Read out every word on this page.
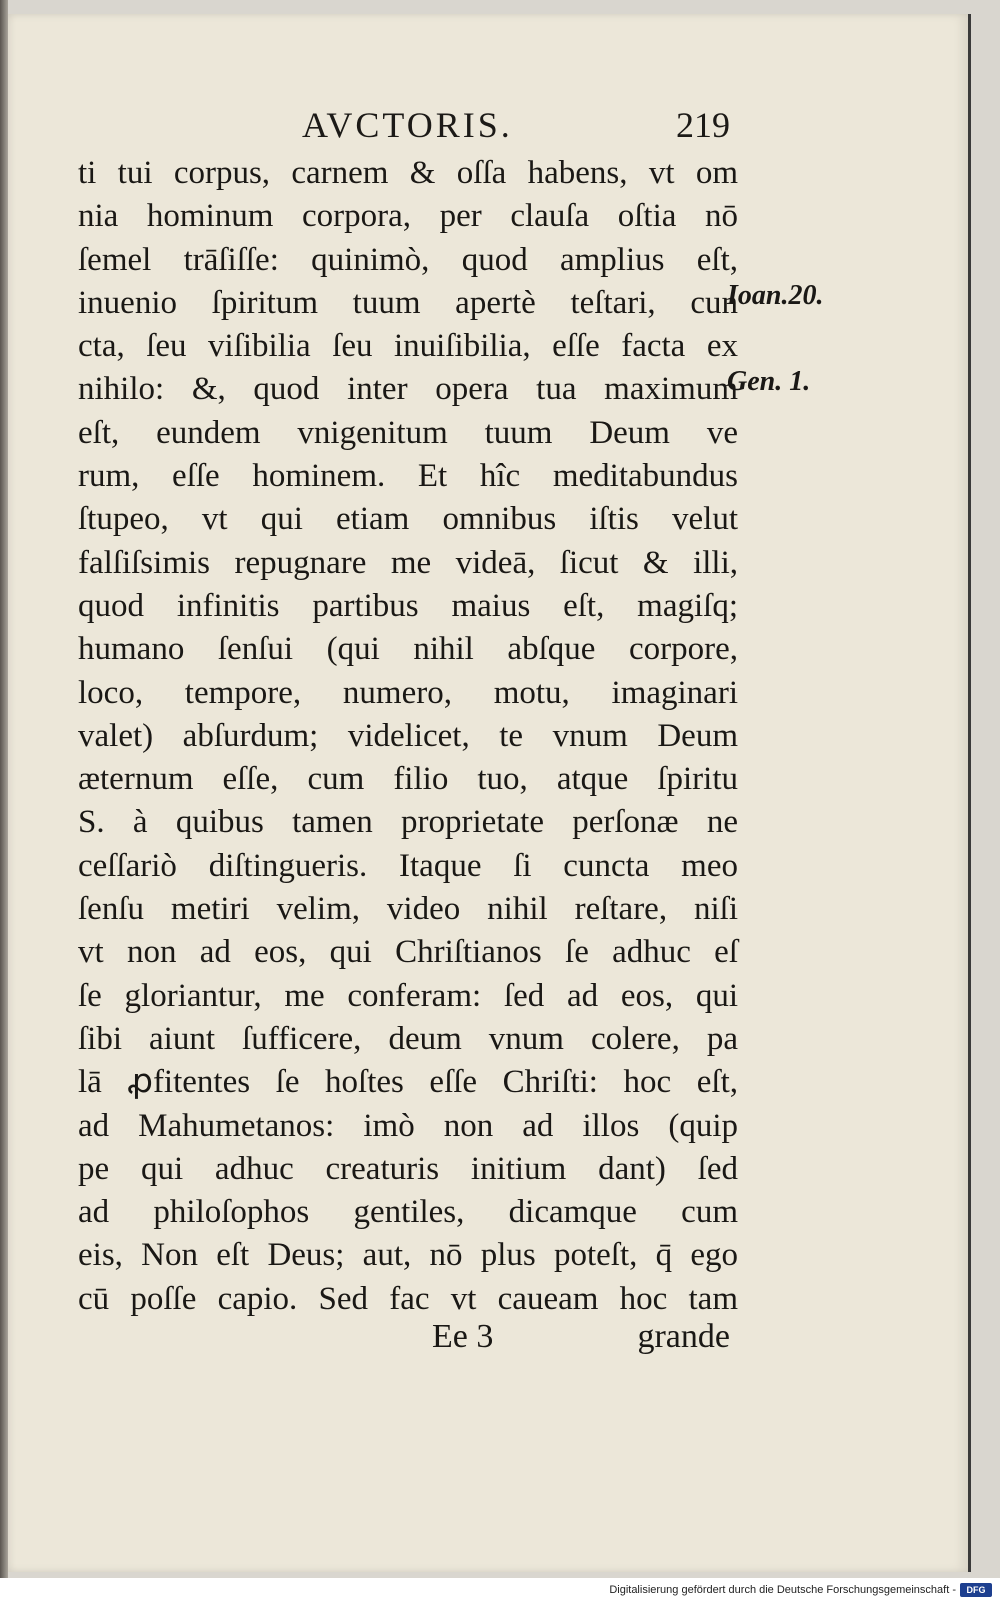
AVCTORIS.	219
ti tui corpus, carnem & oſſa habens, vt om
nia hominum corpora, per clauſa oſtia nō
ſemel trāſiſſe: quinimò, quod amplius eſt,
inuenio ſpiritum tuum apertè teſtari, cun
cta, ſeu viſibilia ſeu inuiſibilia, eſſe facta ex
nihilo: &, quod inter opera tua maximum
eſt, eundem vnigenitum tuum Deum ve
rum, eſſe hominem. Et hîc meditabundus
ſtupeo, vt qui etiam omnibus iſtis velut
falſiſsimis repugnare me videā, ſicut & illi,
quod infinitis partibus maius eſt, magiſq;
humano ſenſui (qui nihil abſque corpore,
loco, tempore, numero, motu, imaginari
valet) abſurdum; videlicet, te vnum Deum
æternum eſſe, cum filio tuo, atque ſpiritu
S. à quibus tamen proprietate perſonæ ne
ceſſariò diſtingueris. Itaque ſi cuncta meo
ſenſu metiri velim, video nihil reſtare, niſi
vt non ad eos, qui Chriſtianos ſe adhuc eſ
ſe gloriantur, me conferam: ſed ad eos, qui
ſibi aiunt ſufficere, deum vnum colere, pa
lā ꝓfitentes ſe hoſtes eſſe Chriſti: hoc eſt,
ad Mahumetanos: imò non ad illos (quip
pe qui adhuc creaturis initium dant) ſed
ad philoſophos gentiles, dicamque cum
eis, Non eſt Deus; aut, nō plus poteſt, q̄ ego
cū poſſe capio. Sed fac vt caueam hoc tam
Ioan.20.
Gen. 1.
Ee 3	grande
Digitalisierung gefördert durch die Deutsche Forschungsgemeinschaft -	DFG
